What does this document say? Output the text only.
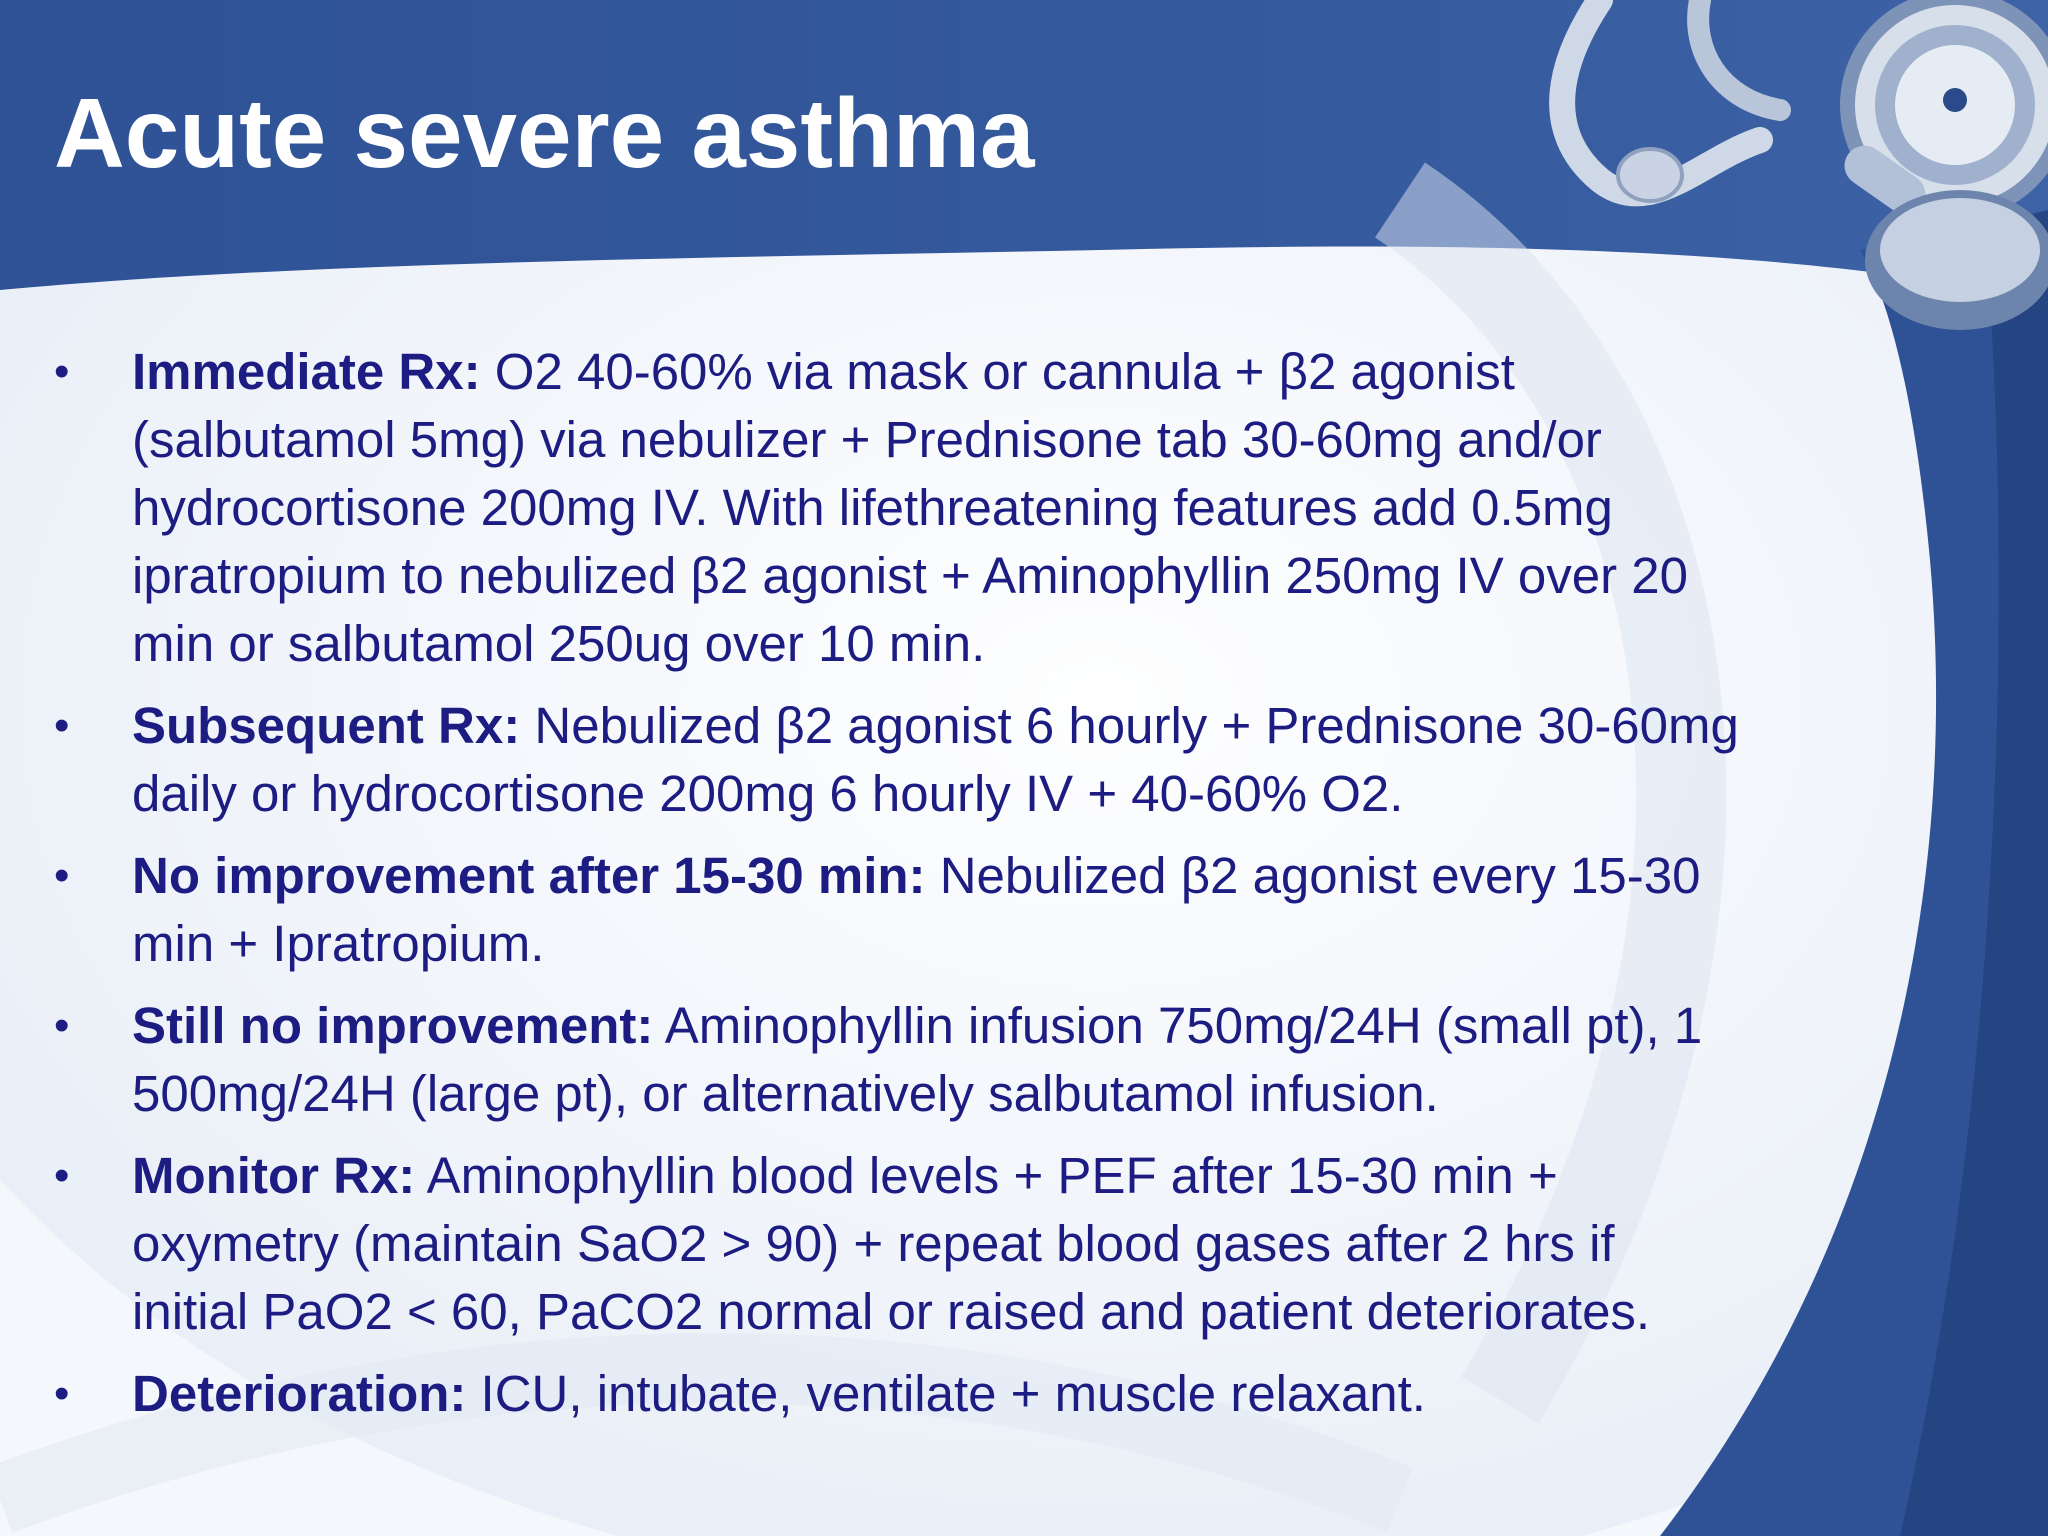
Acute severe asthma
•	Immediate Rx: O2 40-60% via mask or cannula + β2 agonist
(salbutamol 5mg) via nebulizer + Prednisone tab 30-60mg and/or
hydrocortisone 200mg IV. With lifethreatening features add 0.5mg
ipratropium to nebulized β2 agonist + Aminophyllin 250mg IV over 20
min or salbutamol 250ug over 10 min.
•	Subsequent Rx: Nebulized β2 agonist 6 hourly + Prednisone 30-60mg
daily or hydrocortisone 200mg 6 hourly IV + 40-60% O2.
•	No improvement after 15-30 min: Nebulized β2 agonist every 15-30
min + Ipratropium.
•	Still no improvement: Aminophyllin infusion 750mg/24H (small pt), 1
500mg/24H (large pt), or alternatively salbutamol infusion.
•	Monitor Rx: Aminophyllin blood levels + PEF after 15-30 min +
oxymetry (maintain SaO2 > 90) + repeat blood gases after 2 hrs if
initial PaO2 < 60, PaCO2 normal or raised and patient deteriorates.
•	Deterioration: ICU, intubate, ventilate + muscle relaxant.
